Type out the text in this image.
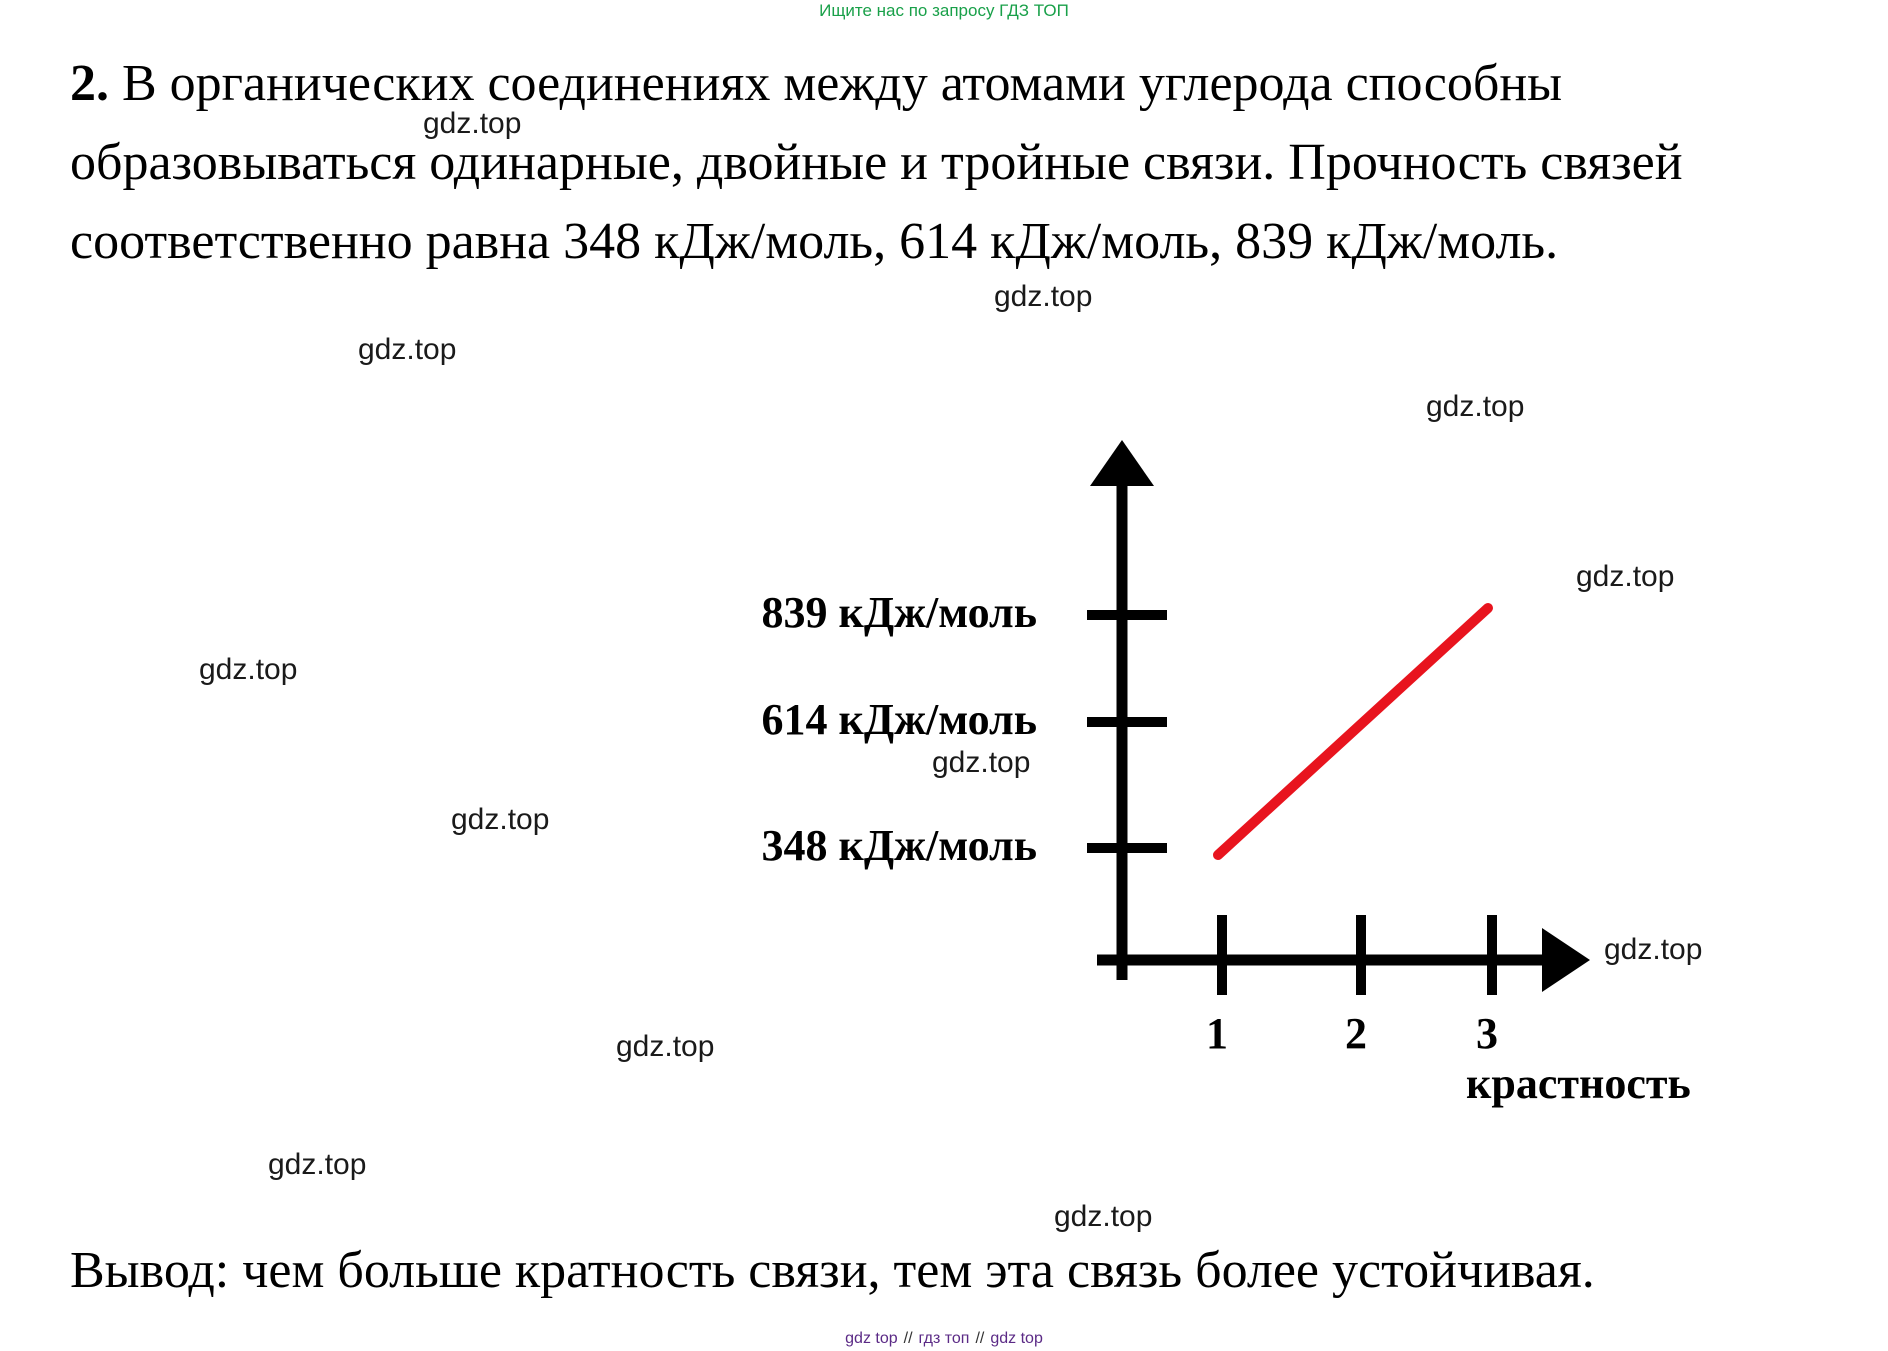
Ищите нас по запросу ГДЗ ТОП

2. В органических соединениях между атомами углерода способны образовываться одинарные, двойные и тройные связи. Прочность связей соответственно равна 348 кДж/моль, 614 кДж/моль, 839 кДж/моль.

348 кДж/моль
614 кДж/моль
839 кДж/моль
1	2 3
крастность

Вывод: чем больше кратность связи, тем эта связь более устойчивая.

gdz.top
gdz.top
gdz.top
gdz.top
gdz.top
gdz.top
gdz.top
gdz.top
gdz.top
gdz.top
gdz.top
gdz.top
gdz top // гдз топ // gdz top
